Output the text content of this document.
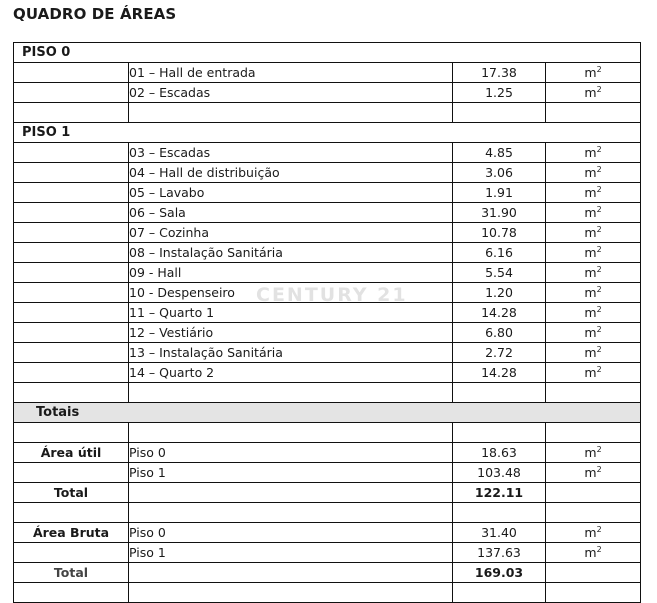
QUADRO DE ÁREAS
PISO 0			
	01 – Hall de entrada	17.38	$m^2$
	02 – Escadas	1.25	$m^2$

PISO 1			
	03 – Escadas	4.85	$m^2$
	04 – Hall de distribuição	3.06	$m^2$
	05 – Lavabo	1.91	$m^2$
	06 – Sala	31.90	$m^2$
	07 – Cozinha	10.78	$m^2$
	08 – Instalação Sanitária	6.16	$m^2$
	09 - Hall	5.54	$m^2$
	10 - Despenseiro	1.20	$m^2$
	11 – Quarto 1	14.28	$m^2$
	12 – Vestiário	6.80	$m^2$
	13 – Instalação Sanitária	2.72	$m^2$
	14 – Quarto 2	14.28	$m^2$

Totais			

Área útil	Piso 0	18.63	$m^2$
	Piso 1	103.48	$m^2$
Total		122.11	

Área Bruta	Piso 0	31.40	$m^2$
	Piso 1	137.63	$m^2$
Total		169.03	

CENTURY 21
